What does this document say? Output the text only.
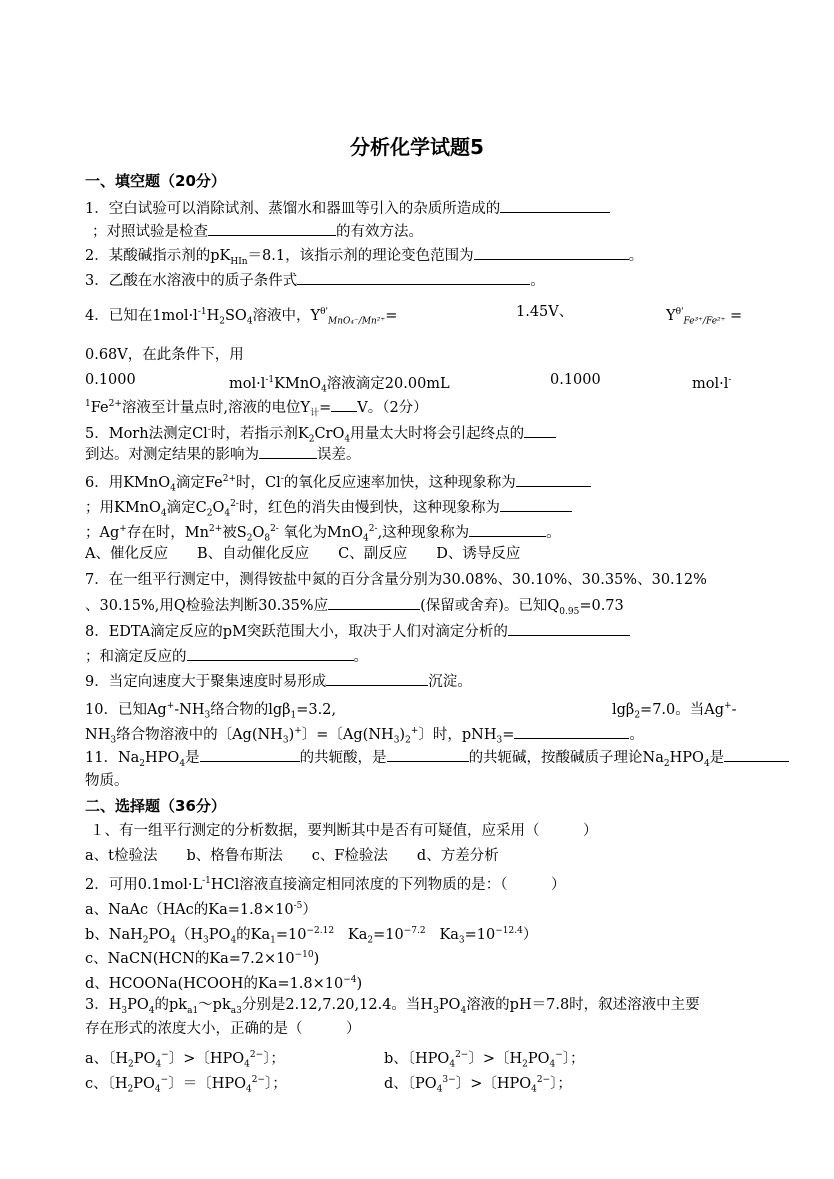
分析化学试题5
一、填空题（20分）
1．空白试验可以消除试剂、蒸馏水和器皿等引入的杂质所造成的
；对照试验是检查	的有效方法。
2．某酸碱指示剂的$pK_{HIn}=8.1$，该指示剂的理论变色范围为	。
3．乙酸在水溶液中的质子条件式	。
4．已知在$1mol\cdot l^{-1}H_2SO_4$溶液中，$Y^{\theta'}_{MnO_4^-/Mn^{2+}}=$	1.45V、	$Y^{\theta'}_{Fe^{3+}/Fe^{2+}}$ =
0.68V，在此条件下，用
0.1000	$mol\cdot l^{-1}KMnO_4$溶液滴定20.00mL	0.1000	mol·l-
$^1Fe^{2+}$溶液至计量点时,溶液的电位$Y_计= V$。（2分）
5．Morh法测定Cl-时，若指示剂$K_2CrO_4$用量太大时将会引起终点的
到达。对测定结果的影响为	误差。
6．用KMnO$_4$滴定$Fe^{2+}$时，Cl-的氧化反应速率加快，这种现象称为
；用KMnO$_4$滴定$C_2O_4^{2-}$时，红色的消失由慢到快，这种现象称为
；Ag+存在时，$Mn^{2+}$被$S_2O_8^{2-}$ 氧化为MnO$_4^{2-}$,这种现象称为	。
A、催化反应　　B、自动催化反应　　C、副反应　　D、诱导反应
7．在一组平行测定中，测得铵盐中氮的百分含量分别为30.08%、30.10%、30.35%、30.12%
、30.15%,用Q检验法判断30.35%应	(保留或舍弃)。已知$Q_{0.95}=0.73$
8．EDTA滴定反应的pM突跃范围大小，取决于人们对滴定分析的
；和滴定反应的	。
9．当定向速度大于聚集速度时易形成	沉淀。
10．已知$Ag^+-NH_3$络合物的lgβ$_1$=3.2,	lgβ$_2$=7.0。当Ag+-
$NH_3$络合物溶液中的〔$Ag(NH_3)^+$〕=〔$Ag(NH_3)_2^+$〕时，pNH$_3$=	。
11．$Na_2HPO_4$是	的共轭酸，是	的共轭碱，按酸碱质子理论$Na_2HPO_4$是
物质。
二、选择题（36分）
１、有一组平行测定的分析数据，要判断其中是否有可疑值，应采用（　　　）
a、t检验法　　b、格鲁布斯法　　c、F检验法　　d、方差分析
2．可用$0.1mol\cdot L^{-1}HCl$溶液直接滴定相同浓度的下列物质的是：（　　　）
a、NaAc（HAc的$Ka=1.8\times 10^{-5}$）
b、$NaH_2PO_4(H_3PO_4$的$Ka_1=10^{-2.12}$ $Ka_2=10^{-7.2}$ $Ka_3=10^{-12.4}$）
c、NaCN(HCN的$Ka=7.2\times 10^{-10}$)
d、HCOONa(HCOOH的$Ka=1.8\times 10^{-4}$)
3．$H_3PO_4$的$pk_{a1}\sim pk_{a3}$分别是2.12,7.20,12.4。当$H_3PO_4$溶液的pH＝7.8时，叙述溶液中主要
存在形式的浓度大小，正确的是（　　　）
a、〔$H_2PO_4^-$〕>〔$HPO_4^{2-}$〕；	b、〔$HPO_4^{2-}$〕>〔$H_2PO_4^-$〕；
c、〔$H_2PO_4^-$〕＝〔$HPO_4^{2-}$〕；	d、〔$PO_4^{3-}$〕>〔$HPO_4^{2-}$〕；
